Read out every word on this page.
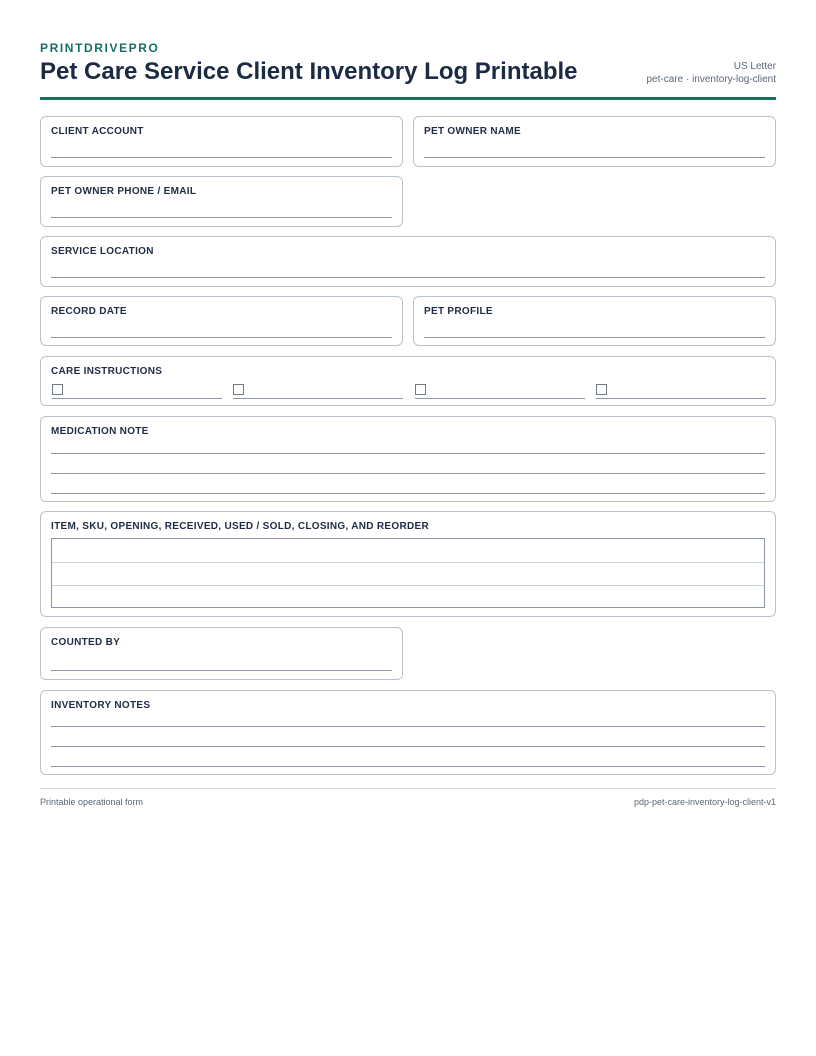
PRINTDRIVEPRO
Pet Care Service Client Inventory Log Printable	US Letter
pet-care · inventory-log-client
CLIENT ACCOUNT	PET OWNER NAME
PET OWNER PHONE / EMAIL
SERVICE LOCATION
RECORD DATE	PET PROFILE
CARE INSTRUCTIONS
MEDICATION NOTE
ITEM, SKU, OPENING, RECEIVED, USED / SOLD, CLOSING, AND REORDER
COUNTED BY
INVENTORY NOTES
Printable operational form	pdp-pet-care-inventory-log-client-v1
